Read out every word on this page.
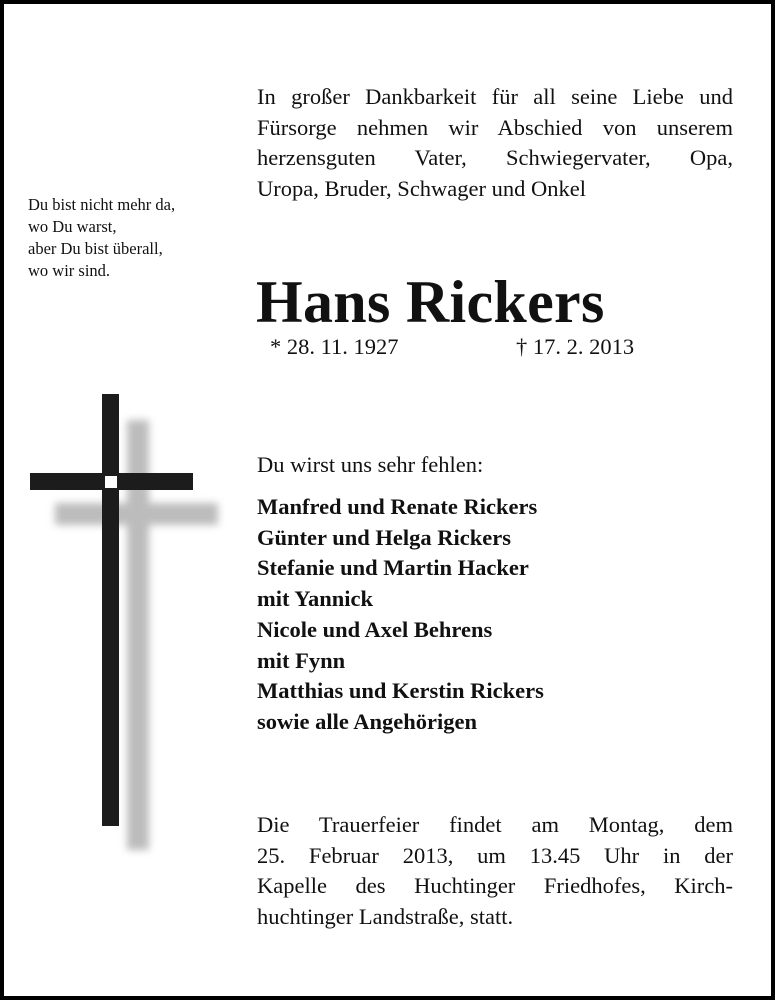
In großer Dankbarkeit für all seine Liebe und
Fürsorge nehmen wir Abschied von unserem
herzensguten Vater, Schwiegervater, Opa,
Uropa, Bruder, Schwager und Onkel
Du bist nicht mehr da,
wo Du warst,
aber Du bist überall,
wo wir sind.	Hans Rickers
* 28. 11. 1927	† 17. 2. 2013
Du wirst uns sehr fehlen:
Manfred und Renate Rickers
Günter und Helga Rickers
Stefanie und Martin Hacker
mit Yannick
Nicole und Axel Behrens
mit Fynn
Matthias und Kerstin Rickers
sowie alle Angehörigen
Die Trauerfeier findet am Montag, dem
25. Februar 2013, um 13.45 Uhr in der
Kapelle des Huchtinger Friedhofes, Kirch-
huchtinger Landstraße, statt.
